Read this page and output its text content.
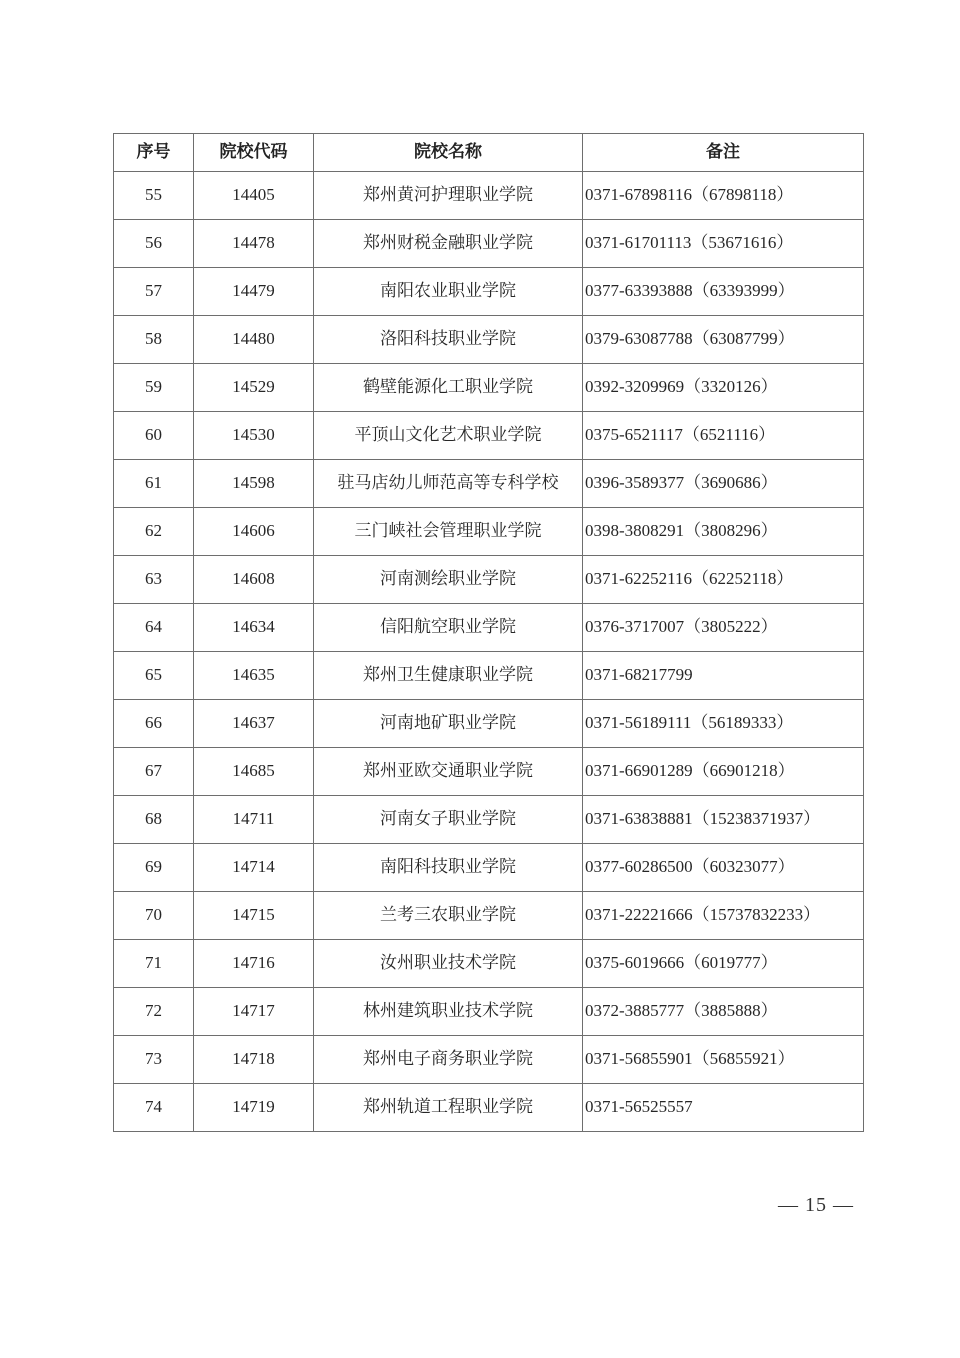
序号	院校代码	院校名称	备注
55	14405	郑州黄河护理职业学院	0371-67898116（67898118）
56	14478	郑州财税金融职业学院	0371-61701113（53671616）
57	14479	南阳农业职业学院	0377-63393888（63393999）
58	14480	洛阳科技职业学院	0379-63087788（63087799）
59	14529	鹤壁能源化工职业学院	0392-3209969（3320126）
60	14530	平顶山文化艺术职业学院	0375-6521117（6521116）
61	14598	驻马店幼儿师范高等专科学校	0396-3589377（3690686）
62	14606	三门峡社会管理职业学院	0398-3808291（3808296）
63	14608	河南测绘职业学院	0371-62252116（62252118）
64	14634	信阳航空职业学院	0376-3717007（3805222）
65	14635	郑州卫生健康职业学院	0371-68217799
66	14637	河南地矿职业学院	0371-56189111（56189333）
67	14685	郑州亚欧交通职业学院	0371-66901289（66901218）
68	14711	河南女子职业学院	0371-63838881（15238371937）
69	14714	南阳科技职业学院	0377-60286500（60323077）
70	14715	兰考三农职业学院	0371-22221666（15737832233）
71	14716	汝州职业技术学院	0375-6019666（6019777）
72	14717	林州建筑职业技术学院	0372-3885777（3885888）
73	14718	郑州电子商务职业学院	0371-56855901（56855921）
74	14719	郑州轨道工程职业学院	0371-56525557
— 15 —
